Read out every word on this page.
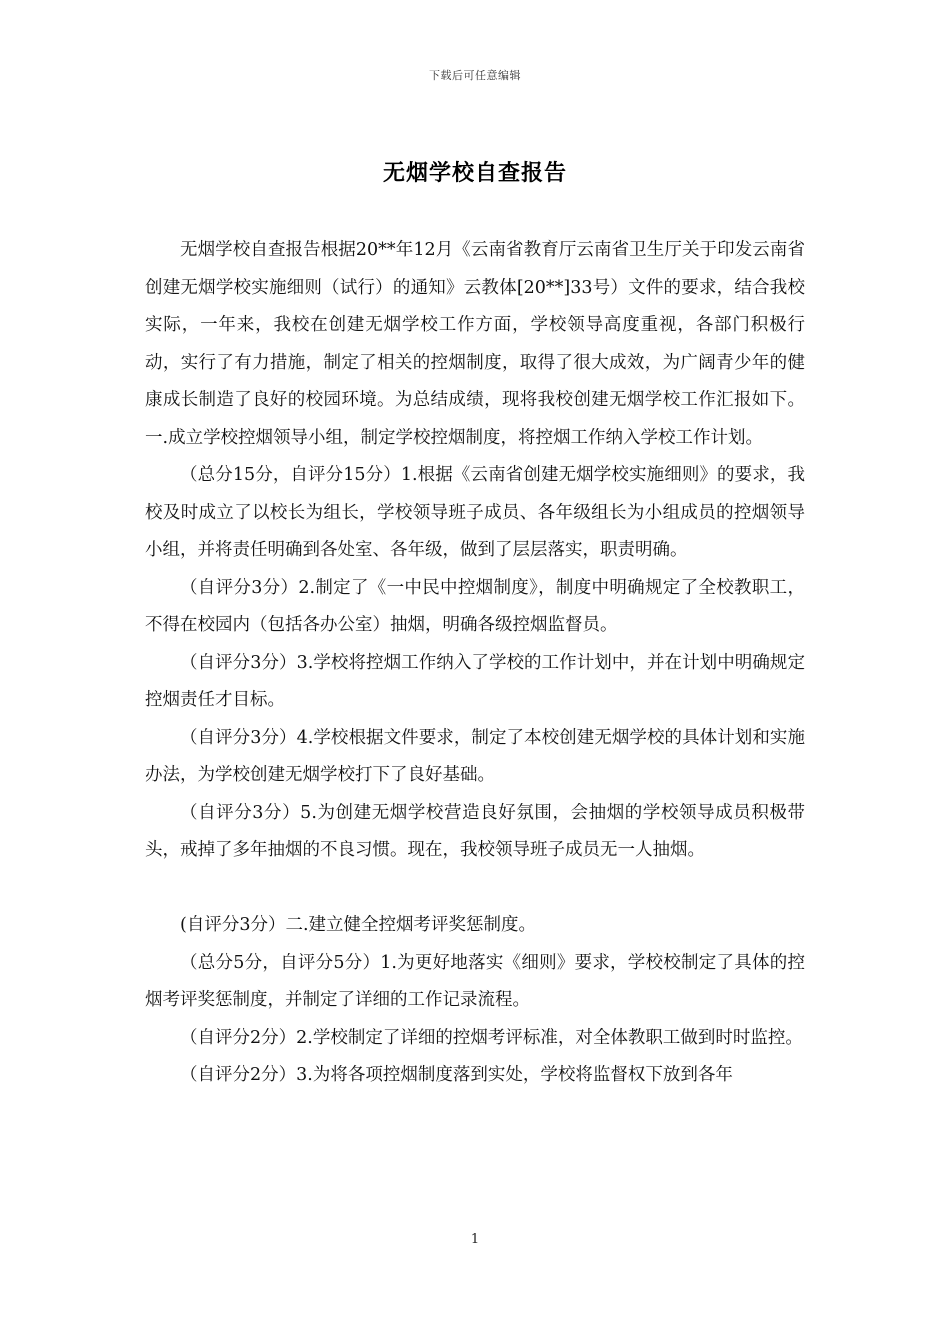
下载后可任意编辑
无烟学校自查报告

无烟学校自查报告根据20**年12月《云南省教育厅云南省卫生厅关于印发云南省创建无烟学校实施细则（试行）的通知》云教体[20**]33号）文件的要求，结合我校实际，一年来，我校在创建无烟学校工作方面，学校领导高度重视，各部门积极行动，实行了有力措施，制定了相关的控烟制度，取得了很大成效，为广阔青少年的健康成长制造了良好的校园环境。为总结成绩，现将我校创建无烟学校工作汇报如下。一.成立学校控烟领导小组，制定学校控烟制度，将控烟工作纳入学校工作计划。

（总分15分，自评分15分）1.根据《云南省创建无烟学校实施细则》的要求，我校及时成立了以校长为组长，学校领导班子成员、各年级组长为小组成员的控烟领导小组，并将责任明确到各处室、各年级，做到了层层落实，职责明确。

（自评分3分）2.制定了《一中民中控烟制度》，制度中明确规定了全校教职工，不得在校园内（包括各办公室）抽烟，明确各级控烟监督员。

（自评分3分）3.学校将控烟工作纳入了学校的工作计划中，并在计划中明确规定控烟责任才目标。

（自评分3分）4.学校根据文件要求，制定了本校创建无烟学校的具体计划和实施办法，为学校创建无烟学校打下了良好基础。

（自评分3分）5.为创建无烟学校营造良好氛围，会抽烟的学校领导成员积极带头，戒掉了多年抽烟的不良习惯。现在，我校领导班子成员无一人抽烟。

(自评分3分）二.建立健全控烟考评奖惩制度。

（总分5分，自评分5分）1.为更好地落实《细则》要求，学校校制定了具体的控烟考评奖惩制度，并制定了详细的工作记录流程。

（自评分2分）2.学校制定了详细的控烟考评标准，对全体教职工做到时时监控。

（自评分2分）3.为将各项控烟制度落到实处，学校将监督权下放到各年

1
